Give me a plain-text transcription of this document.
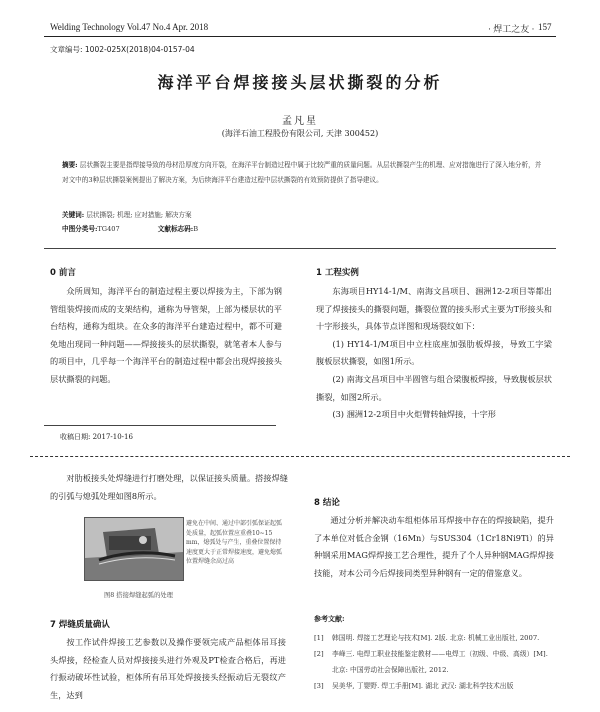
Welding Technology Vol.47 No.4 Apr. 2018	· 焊工之友 · 157
文章编号: 1002-025X(2018)04-0157-04
海洋平台焊接接头层状撕裂的分析
孟凡星
(海洋石油工程股份有限公司, 天津 300452)
摘要: 层状撕裂主要是指焊接导致的母材沿厚度方向开裂，在海洋平台制造过程中属于比较严重的质量问题。从层状撕裂产生的机理、应对措施进行了深入地分析，并对文中的3种层状撕裂案例提出了解决方案，为后续海洋平台建造过程中层状撕裂的有效预防提供了指导建议。
关键词: 层状撕裂; 机理; 应对措施; 解决方案
中图分类号:TG407	文献标志码:B
0 前言

众所周知，海洋平台的制造过程主要以焊接为主，下部为钢管组装焊接而成的支架结构，通称为导管架，上部为楼层状的平台结构，通称为组块。在众多的海洋平台建造过程中，都不可避免地出现同一种问题——焊接接头的层状撕裂，就笔者本人参与的项目中，几乎每一个海洋平台的制造过程中都会出现焊接接头层状撕裂的问题。

收稿日期: 2017-10-16
1 工程实例

东海项目HY14-1/M、南海文昌项目、涠洲12-2项目等都出现了焊接接头的撕裂问题，撕裂位置的接头形式主要为T形接头和十字形接头，具体节点详图和现场裂纹如下：

(1) HY14-1/M项目中立柱底座加强肋板焊接，导致工字梁腹板层状撕裂，如图1所示。

(2) 南海文昌项目中半圆管与组合梁腹板焊接，导致腹板层状撕裂，如图2所示。

(3) 涠洲12-2项目中火炬臂转轴焊接，十字形

对肋板接头处焊缝进行打磨处理，以保证接头质量。搭接焊缝的引弧与熄弧处理如图8所示。

避免在中间、通过中部引弧保证起弧处质量，起弧位置应重叠10~15 mm，熄弧处与产生，重叠位置保持速度更大于正常焊接速度，避免熄弧位置焊缝余高过高
图8 搭接焊缝起弧的处理
7 焊缝质量确认

按工作试件焊接工艺参数以及操作要领完成产品柜体吊耳接头焊接，经检查人员对焊接接头进行外观及PT检查合格后，再进行振动破坏性试验，柜体所有吊耳处焊接接头经振动后无裂纹产生，达到

8 结论

通过分析并解决动车组柜体吊耳焊接中存在的焊接缺陷，提升了本单位对低合金钢（16Mn）与SUS304（1Cr18Ni9Ti）的异种钢采用MAG焊焊接工艺合理性，提升了个人异种钢MAG焊焊接技能，对本公司今后焊接同类型异种钢有一定的借鉴意义。

参考文献:
[1]	韩国明. 焊接工艺理论与技术[M]. 2版. 北京: 机械工业出版社, 2007.
[2]	李峰三. 电焊工职业技能鉴定教材——电焊工（初级、中级、高级）[M]. 北京: 中国劳动社会保障出版社, 2012.
[3]	吴美华, 丁婴野. 焊工手册[M]. 湖北 武汉: 湖北科学技术出版
